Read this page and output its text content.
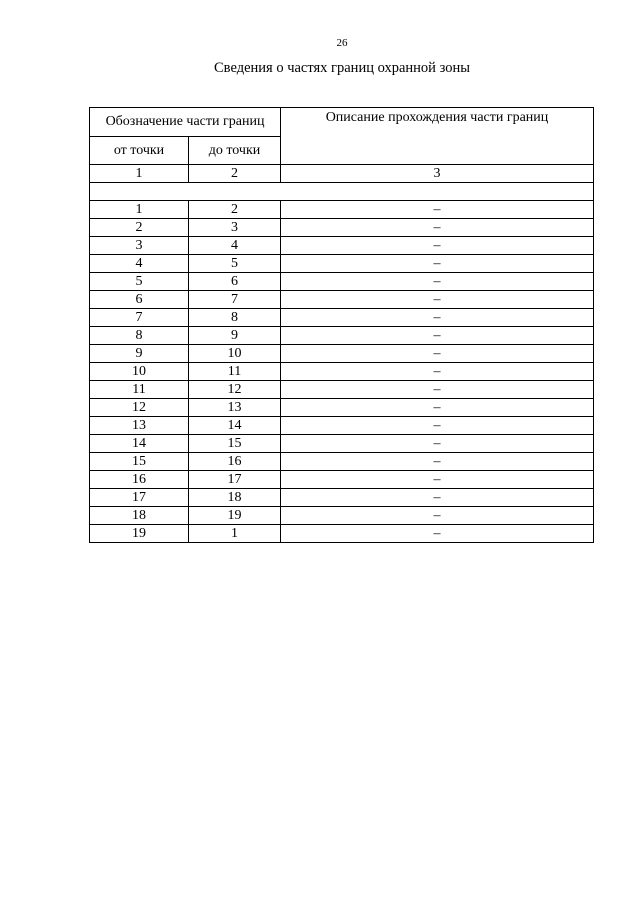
26
Сведения о частях границ охранной зоны
Обозначение части границ		Описание прохождения части границ
от точки	до точки	
1	2	3

1	2	–
2	3	–
3	4	–
4	5	–
5	6	–
6	7	–
7	8	–
8	9	–
9	10	–
10	11	–
11	12	–
12	13	–
13	14	–
14	15	–
15	16	–
16	17	–
17	18	–
18	19	–
19	1	–
